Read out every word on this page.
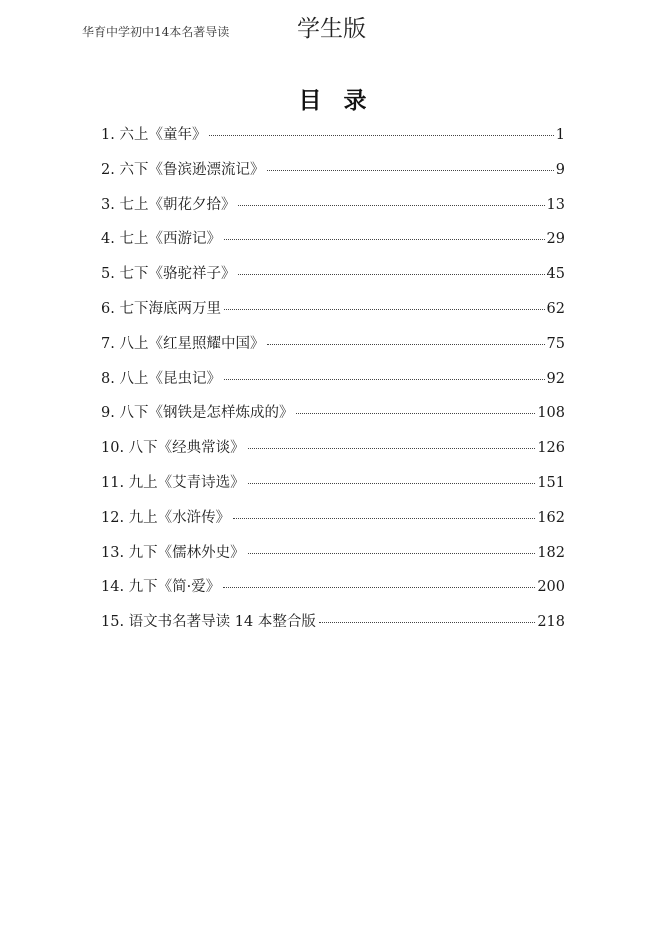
华育中学初中14本名著导读	学生版
目录
1. 六上《童年》	1
2. 六下《鲁滨逊漂流记》	9
3. 七上《朝花夕拾》	13
4. 七上《西游记》	29
5. 七下《骆驼祥子》	45
6. 七下海底两万里	62
7. 八上《红星照耀中国》	75
8. 八上《昆虫记》	92
9. 八下《钢铁是怎样炼成的》	108
10. 八下《经典常谈》	126
11. 九上《艾青诗选》	151
12. 九上《水浒传》	162
13. 九下《儒林外史》	182
14. 九下《简·爱》	200
15. 语文书名著导读 14 本整合版	218
